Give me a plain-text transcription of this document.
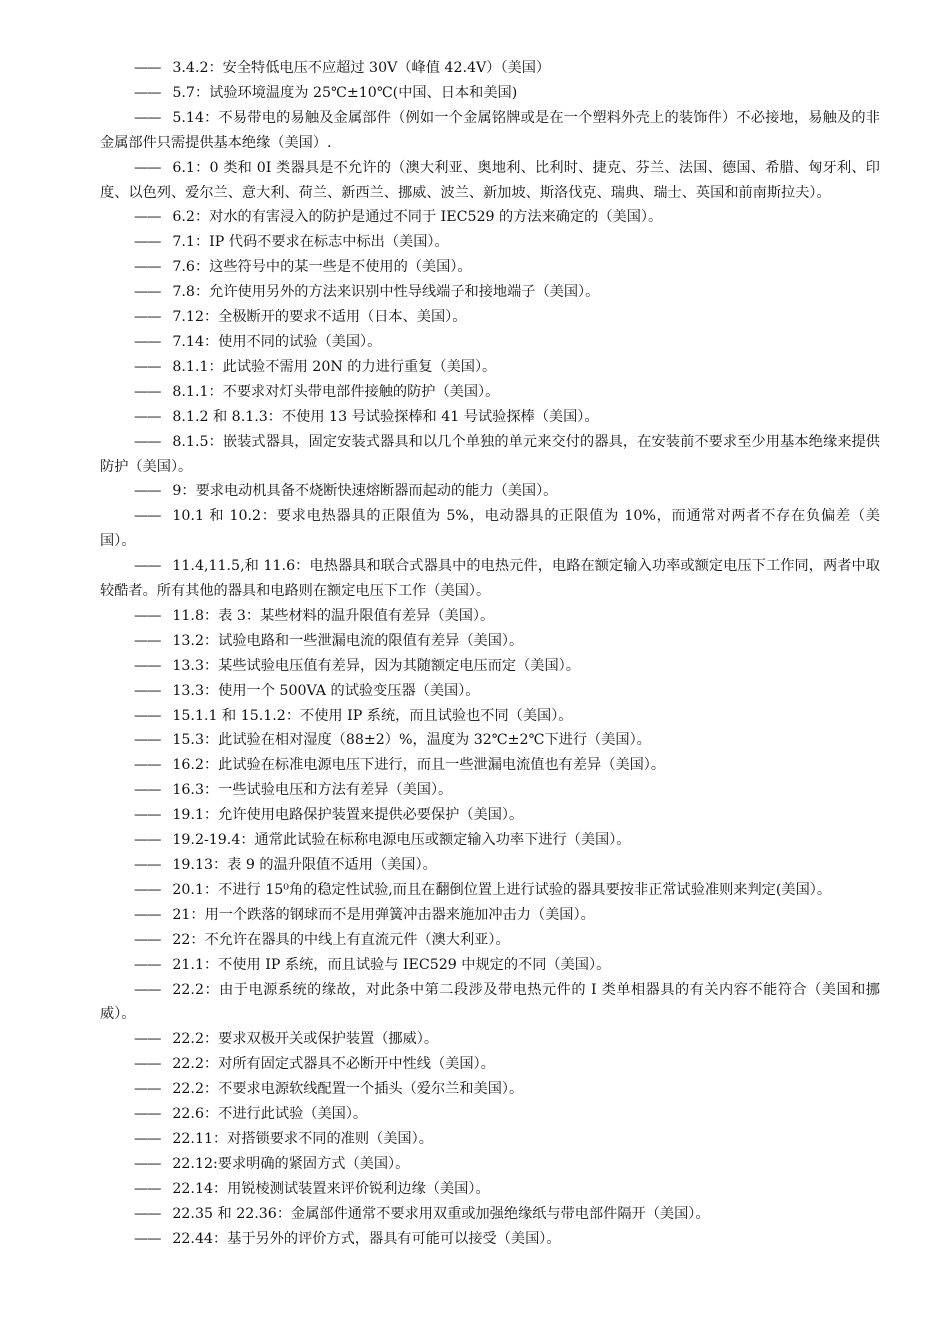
—— 3.4.2：安全特低电压不应超过 30V（峰值 42.4V）（美国）

—— 5.7：试验环境温度为 25℃±10℃(中国、日本和美国)

—— 5.14：不易带电的易触及金属部件（例如一个金属铭牌或是在一个塑料外壳上的装饰件）不必接地，易触及的非金属部件只需提供基本绝缘（美国）.

—— 6.1：0 类和 0I 类器具是不允许的（澳大利亚、奥地利、比利时、捷克、芬兰、法国、德国、希腊、匈牙利、印度、以色列、爱尔兰、意大利、荷兰、新西兰、挪威、波兰、新加坡、斯洛伐克、瑞典、瑞士、英国和前南斯拉夫）。

—— 6.2：对水的有害浸入的防护是通过不同于 IEC529 的方法来确定的（美国）。

—— 7.1：IP 代码不要求在标志中标出（美国）。

—— 7.6：这些符号中的某一些是不使用的（美国）。

—— 7.8：允许使用另外的方法来识别中性导线端子和接地端子（美国）。

—— 7.12：全极断开的要求不适用（日本、美国）。

—— 7.14：使用不同的试验（美国）。

—— 8.1.1：此试验不需用 20N 的力进行重复（美国）。

—— 8.1.1：不要求对灯头带电部件接触的防护（美国）。

—— 8.1.2 和 8.1.3：不使用 13 号试验探棒和 41 号试验探棒（美国）。

—— 8.1.5：嵌装式器具，固定安装式器具和以几个单独的单元来交付的器具，在安装前不要求至少用基本绝缘来提供防护（美国）。

—— 9：要求电动机具备不烧断快速熔断器而起动的能力（美国）。

—— 10.1 和 10.2：要求电热器具的正限值为 5%，电动器具的正限值为 10%，而通常对两者不存在负偏差（美国）。

—— 11.4,11.5,和 11.6：电热器具和联合式器具中的电热元件，电路在额定输入功率或额定电压下工作同，两者中取较酷者。所有其他的器具和电路则在额定电压下工作（美国）。

—— 11.8：表 3：某些材料的温升限值有差异（美国）。

—— 13.2：试验电路和一些泄漏电流的限值有差异（美国）。

—— 13.3：某些试验电压值有差异，因为其随额定电压而定（美国）。

—— 13.3：使用一个 500VA 的试验变压器（美国）。

—— 15.1.1 和 15.1.2：不使用 IP 系统，而且试验也不同（美国）。

—— 15.3：此试验在相对湿度（88±2）%，温度为 32℃±2℃下进行（美国）。

—— 16.2：此试验在标准电源电压下进行，而且一些泄漏电流值也有差异（美国）。

—— 16.3：一些试验电压和方法有差异（美国）。

—— 19.1：允许使用电路保护装置来提供必要保护（美国）。

—— 19.2-19.4：通常此试验在标称电源电压或额定输入功率下进行（美国）。

—— 19.13：表 9 的温升限值不适用（美国）。

—— 20.1：不进行 15⁰角的稳定性试验,而且在翻倒位置上进行试验的器具要按非正常试验准则来判定(美国）。

—— 21：用一个跌落的钢球而不是用弹簧冲击器来施加冲击力（美国）。

—— 22：不允许在器具的中线上有直流元件（澳大利亚）。

—— 21.1：不使用 IP 系统，而且试验与 IEC529 中规定的不同（美国）。

—— 22.2：由于电源系统的缘故，对此条中第二段涉及带电热元件的 I 类单相器具的有关内容不能符合（美国和挪威）。

—— 22.2：要求双极开关或保护装置（挪威）。

—— 22.2：对所有固定式器具不必断开中性线（美国）。

—— 22.2：不要求电源软线配置一个插头（爱尔兰和美国）。

—— 22.6：不进行此试验（美国）。

—— 22.11：对搭锁要求不同的准则（美国）。

—— 22.12:要求明确的紧固方式（美国）。

—— 22.14：用锐棱测试装置来评价锐利边缘（美国）。

—— 22.35 和 22.36：金属部件通常不要求用双重或加强绝缘纸与带电部件隔开（美国）。

—— 22.44：基于另外的评价方式，器具有可能可以接受（美国）。
